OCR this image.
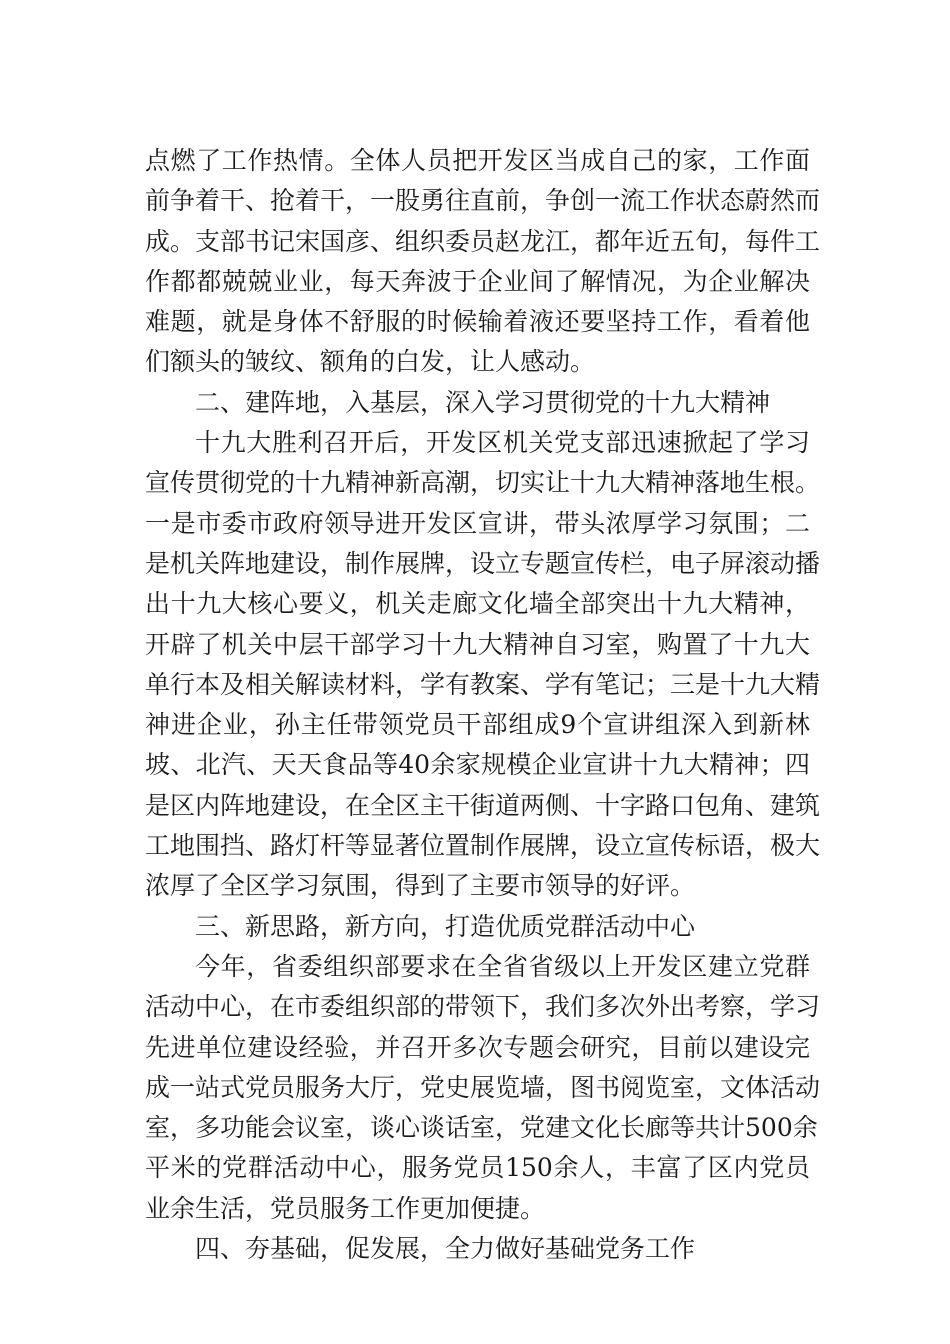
点燃了工作热情。全体人员把开发区当成自己的家，工作面
前争着干、抢着干，一股勇往直前，争创一流工作状态蔚然而
成。支部书记宋国彦、组织委员赵龙江，都年近五旬，每件工
作都都兢兢业业，每天奔波于企业间了解情况，为企业解决
难题，就是身体不舒服的时候输着液还要坚持工作，看着他
们额头的皱纹、额角的白发，让人感动。
二、建阵地，入基层，深入学习贯彻党的十九大精神
十九大胜利召开后，开发区机关党支部迅速掀起了学习
宣传贯彻党的十九精神新高潮，切实让十九大精神落地生根。
一是市委市政府领导进开发区宣讲，带头浓厚学习氛围；二
是机关阵地建设，制作展牌，设立专题宣传栏，电子屏滚动播
出十九大核心要义，机关走廊文化墙全部突出十九大精神，
开辟了机关中层干部学习十九大精神自习室，购置了十九大
单行本及相关解读材料，学有教案、学有笔记；三是十九大精
神进企业，孙主任带领党员干部组成9个宣讲组深入到新林
坡、北汽、天天食品等40余家规模企业宣讲十九大精神；四
是区内阵地建设，在全区主干街道两侧、十字路口包角、建筑
工地围挡、路灯杆等显著位置制作展牌，设立宣传标语，极大
浓厚了全区学习氛围，得到了主要市领导的好评。
三、新思路，新方向，打造优质党群活动中心
今年，省委组织部要求在全省省级以上开发区建立党群
活动中心，在市委组织部的带领下，我们多次外出考察，学习
先进单位建设经验，并召开多次专题会研究，目前以建设完
成一站式党员服务大厅，党史展览墙，图书阅览室，文体活动
室，多功能会议室，谈心谈话室，党建文化长廊等共计500余
平米的党群活动中心，服务党员150余人，丰富了区内党员
业余生活，党员服务工作更加便捷。
四、夯基础，促发展，全力做好基础党务工作
